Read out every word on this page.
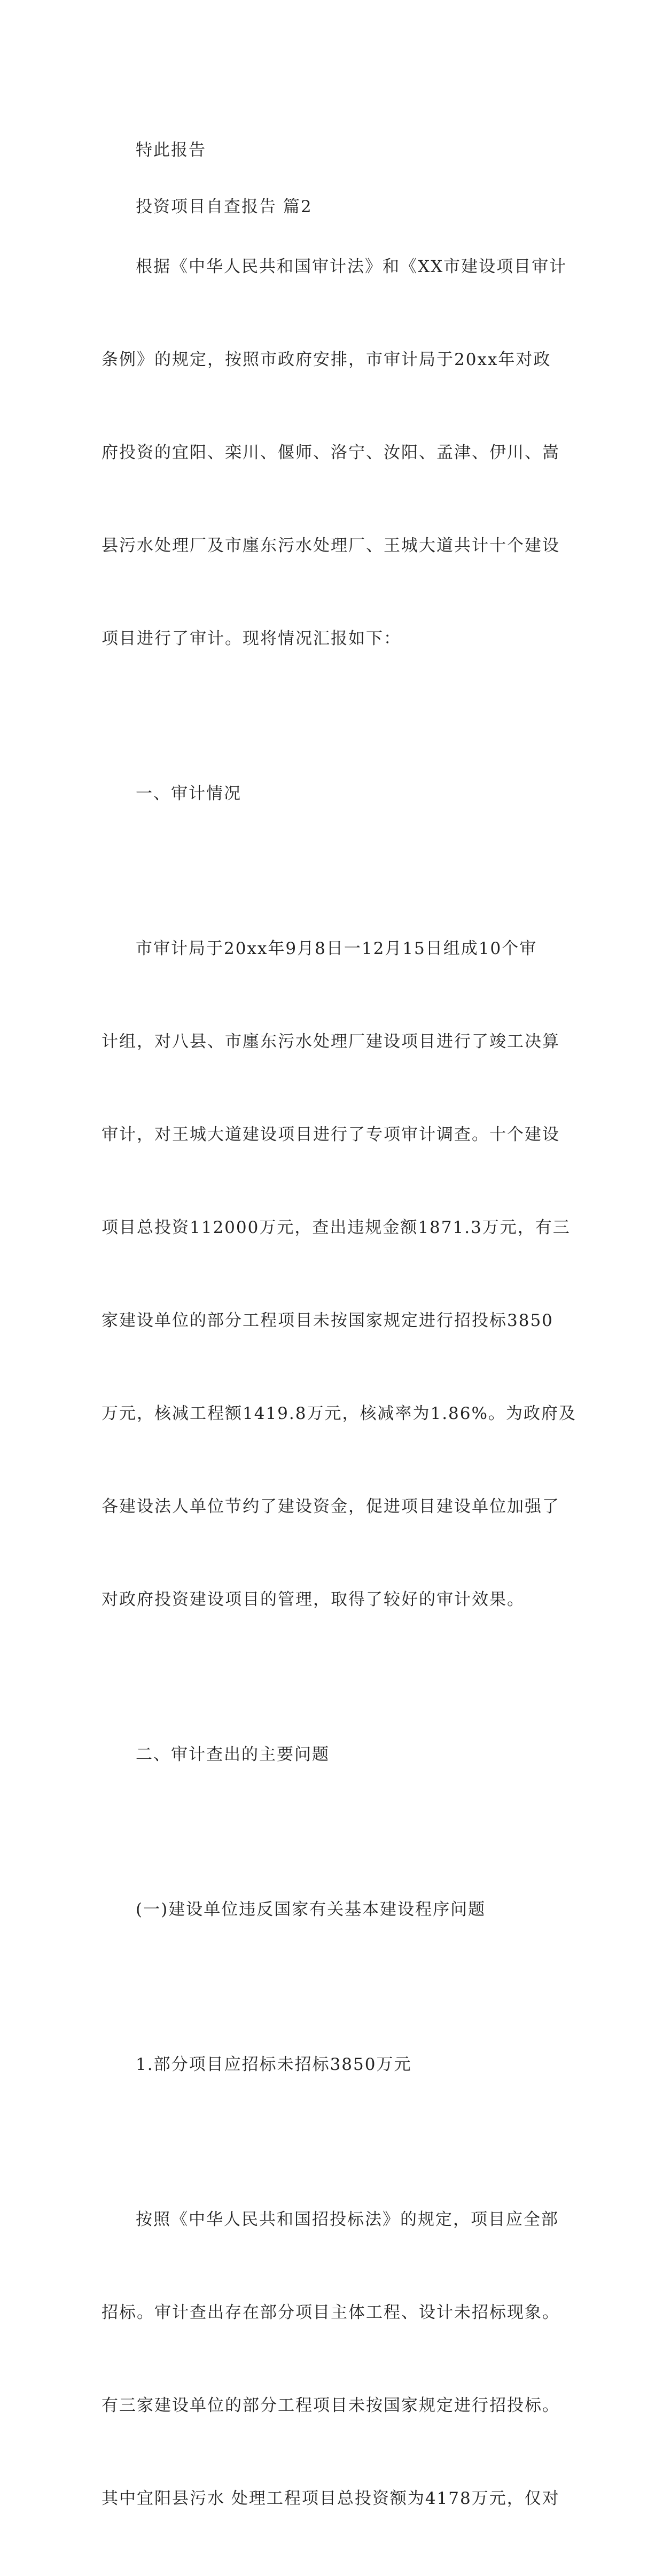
特此报告

投资项目自查报告 篇2

根据《中华人民共和国审计法》和《XX市建设项目审计

条例》的规定，按照市政府安排，市审计局于20xx年对政

府投资的宜阳、栾川、偃师、洛宁、汝阳、孟津、伊川、嵩

县污水处理厂及市廛东污水处理厂、王城大道共计十个建设

项目进行了审计。现将情况汇报如下：

一、审计情况

市审计局于20xx年9月8日一12月15日组成10个审

计组，对八县、市廛东污水处理厂建设项目进行了竣工决算

审计，对王城大道建设项目进行了专项审计调查。十个建设

项目总投资112000万元，查出违规金额1871.3万元，有三

家建设单位的部分工程项目未按国家规定进行招投标3850

万元，核减工程额1419.8万元，核减率为1.86%。为政府及

各建设法人单位节约了建设资金，促进项目建设单位加强了

对政府投资建设项目的管理，取得了较好的审计效果。

二、审计查出的主要问题

(一)建设单位违反国家有关基本建设程序问题

1.部分项目应招标未招标3850万元

按照《中华人民共和国招投标法》的规定，项目应全部

招标。审计查出存在部分项目主体工程、设计未招标现象。

有三家建设单位的部分工程项目未按国家规定进行招投标。

其中宜阳县污水 处理工程项目总投资额为4178万元，仅对
